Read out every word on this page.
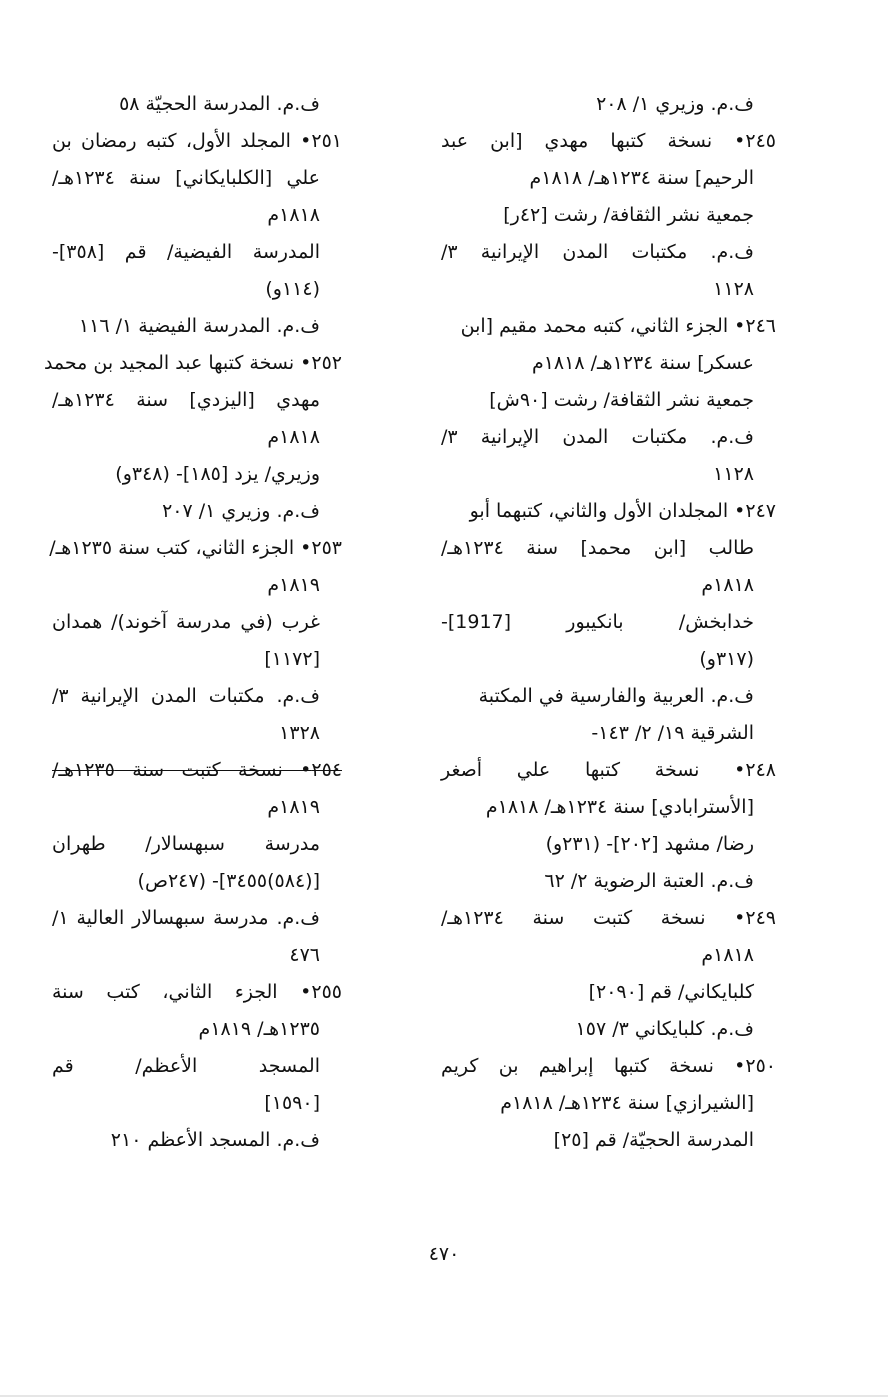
ف.م. وزيري ١/ ٢٠٨
٢٤٥• نسخة كتبها مهدي [ابن عبد
الرحيم] سنة ١٢٣٤هـ/ ١٨١٨م
جمعية نشر الثقافة/ رشت [٤٢ر]
ف.م. مكتبات المدن الإيرانية ٣/
١١٢٨
٢٤٦• الجزء الثاني، كتبه محمد مقيم [ابن
عسكر] سنة ١٢٣٤هـ/ ١٨١٨م
جمعية نشر الثقافة/ رشت [٩٠ش]
ف.م. مكتبات المدن الإيرانية ٣/
١١٢٨
٢٤٧• المجلدان الأول والثاني، كتبهما أبو
طالب [ابن محمد] سنة ١٢٣٤هـ/
١٨١٨م
خدابخش/ بانكيبور [1917]-
(٣١٧و)
ف.م. العربية والفارسية في المكتبة
الشرقية ١٩/ ٢/ ١٤٣-
٢٤٨• نسخة كتبها علي أصغر
[الأسترابادي] سنة ١٢٣٤هـ/ ١٨١٨م
رضا/ مشهد [٢٠٢]- (٢٣١و)
ف.م. العتبة الرضوية ٢/ ٦٢
٢٤٩• نسخة كتبت سنة ١٢٣٤هـ/
١٨١٨م
كلبايكاني/ قم [٢٠٩٠]
ف.م. كلبايكاني ٣/ ١٥٧
٢٥٠• نسخة كتبها إبراهيم بن كريم
[الشيرازي] سنة ١٢٣٤هـ/ ١٨١٨م
المدرسة الحجيّة/ قم [٢٥]
ف.م. المدرسة الحجيّة ٥٨
٢٥١• المجلد الأول، كتبه رمضان بن
علي [الكلبايكاني] سنة ١٢٣٤هـ/
١٨١٨م
المدرسة الفيضية/ قم [٣٥٨]-
(١١٤و)
ف.م. المدرسة الفيضية ١/ ١١٦
٢٥٢• نسخة كتبها عبد المجيد بن محمد
مهدي [اليزدي] سنة ١٢٣٤هـ/
١٨١٨م
وزيري/ يزد [١٨٥]- (٣٤٨و)
ف.م. وزيري ١/ ٢٠٧
٢٥٣• الجزء الثاني، كتب سنة ١٢٣٥هـ/
١٨١٩م
غرب (في مدرسة آخوند)/ همدان
[١١٧٢]
ف.م. مكتبات المدن الإيرانية ٣/
١٣٢٨
٢٥٤• نسخة كتبت سنة ١٢٣٥هـ/
١٨١٩م
مدرسة سبهسالار/ طهران
[(٥٨٤)٣٤٥٥]- (٢٤٧ص)
ف.م. مدرسة سبهسالار العالية ١/
٤٧٦
٢٥٥• الجزء الثاني، كتب سنة
١٢٣٥هـ/ ١٨١٩م
المسجد الأعظم/ قم
[١٥٩٠]
ف.م. المسجد الأعظم ٢١٠
٤٧٠
